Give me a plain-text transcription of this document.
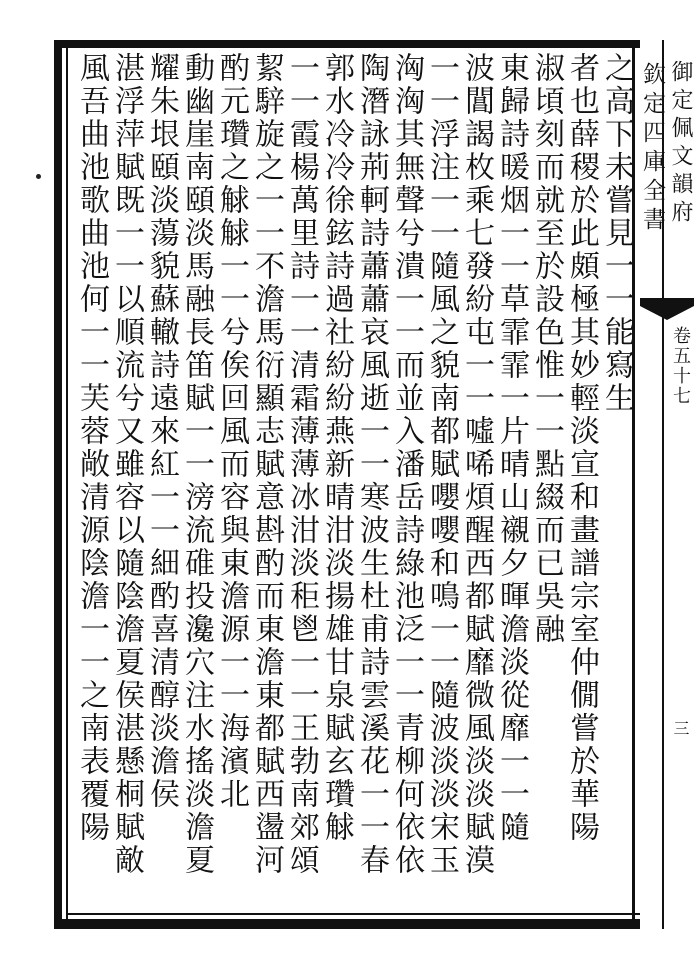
欽定四庫全書 御定佩文韻府
卷五十七
三
之高下未嘗見一一能寫生
者也薛稷於此頗極其妙輕淡宣和畫譜宗室仲僩嘗於華陽
淑頃刻而就至於設色惟一一點綴而已吳融
東歸詩暖烟一一草霏霏一片晴山襯夕暉澹淡從靡一一隨
波閶謁枚乘七發紛屯一一噓唏煩醒西都賦靡微風淡淡賦漠
一一浮注一一隨風之貌南都賦嚶嚶和鳴一一隨波淡淡宋玉
洶洶其無聲兮潰一一而並入潘岳詩綠池泛一一青柳何依依
陶潛詠荊軻詩蕭蕭哀風逝一一寒波生杜甫詩雲溪花一一春
郭水冷冷徐鉉詩過社紛紛燕新晴泔淡揚雄甘泉賦玄瓚觩
一一霞楊萬里詩一一清霜薄薄冰泔淡秬鬯一一王勃南郊頌
絜騂旋之一一不澹馬衍顯志賦意斟酌而東澹東都賦西盪河
酌元瓚之觩觩一一兮俟回風而容與東澹源一一海濱北
動幽崖南頤淡馬融長笛賦一一滂流碓投瀺穴注水搖淡澹夏
耀朱垠頤淡蕩貌蘇轍詩遠來紅一一細酌喜清醇淡澹侯
湛浮萍賦既一一以順流兮又雖容以隨陰澹夏侯湛懸桐賦敵
風吾曲池歌曲池何一一芙蓉敞清源陰澹一一之南表覆陽
